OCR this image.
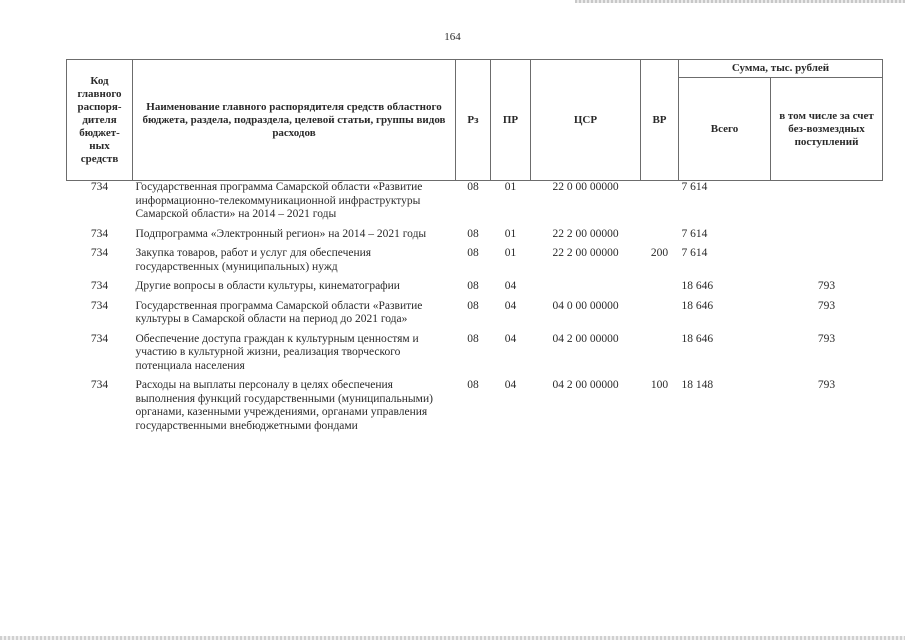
164
Код главного распоря-дителя бюджет-ных средств	Наименование главного распорядителя средств областного бюджета, раздела, подраздела, целевой статьи, группы видов расходов	Рз	ПР	ЦСР	ВР	Сумма, тыс. рублей	
						Всего	в том числе за счет без-возмездных поступлений
734	Государственная программа Самарской области «Развитие информационно-телекоммуникационной инфраструктуры Самарской области» на 2014 – 2021 годы	08	01	22 0 00 00000		7 614	
734	Подпрограмма «Электронный регион» на 2014 – 2021 годы	08	01	22 2 00 00000		7 614	
734	Закупка товаров, работ и услуг для обеспечения государственных (муниципальных) нужд	08	01	22 2 00 00000	200	7 614	
734	Другие вопросы в области культуры, кинематографии	08	04			18 646	793
734	Государственная программа Самарской области «Развитие культуры в Самарской области на период до 2021 года»	08	04	04 0 00 00000		18 646	793
734	Обеспечение доступа граждан к культурным ценностям и участию в культурной жизни, реализация творческого потенциала населения	08	04	04 2 00 00000		18 646	793
734	Расходы на выплаты персоналу в целях обеспечения выполнения функций государственными (муниципальными) органами, казенными учреждениями, органами управления государственными внебюджетными фондами	08	04	04 2 00 00000	100	18 148	793
